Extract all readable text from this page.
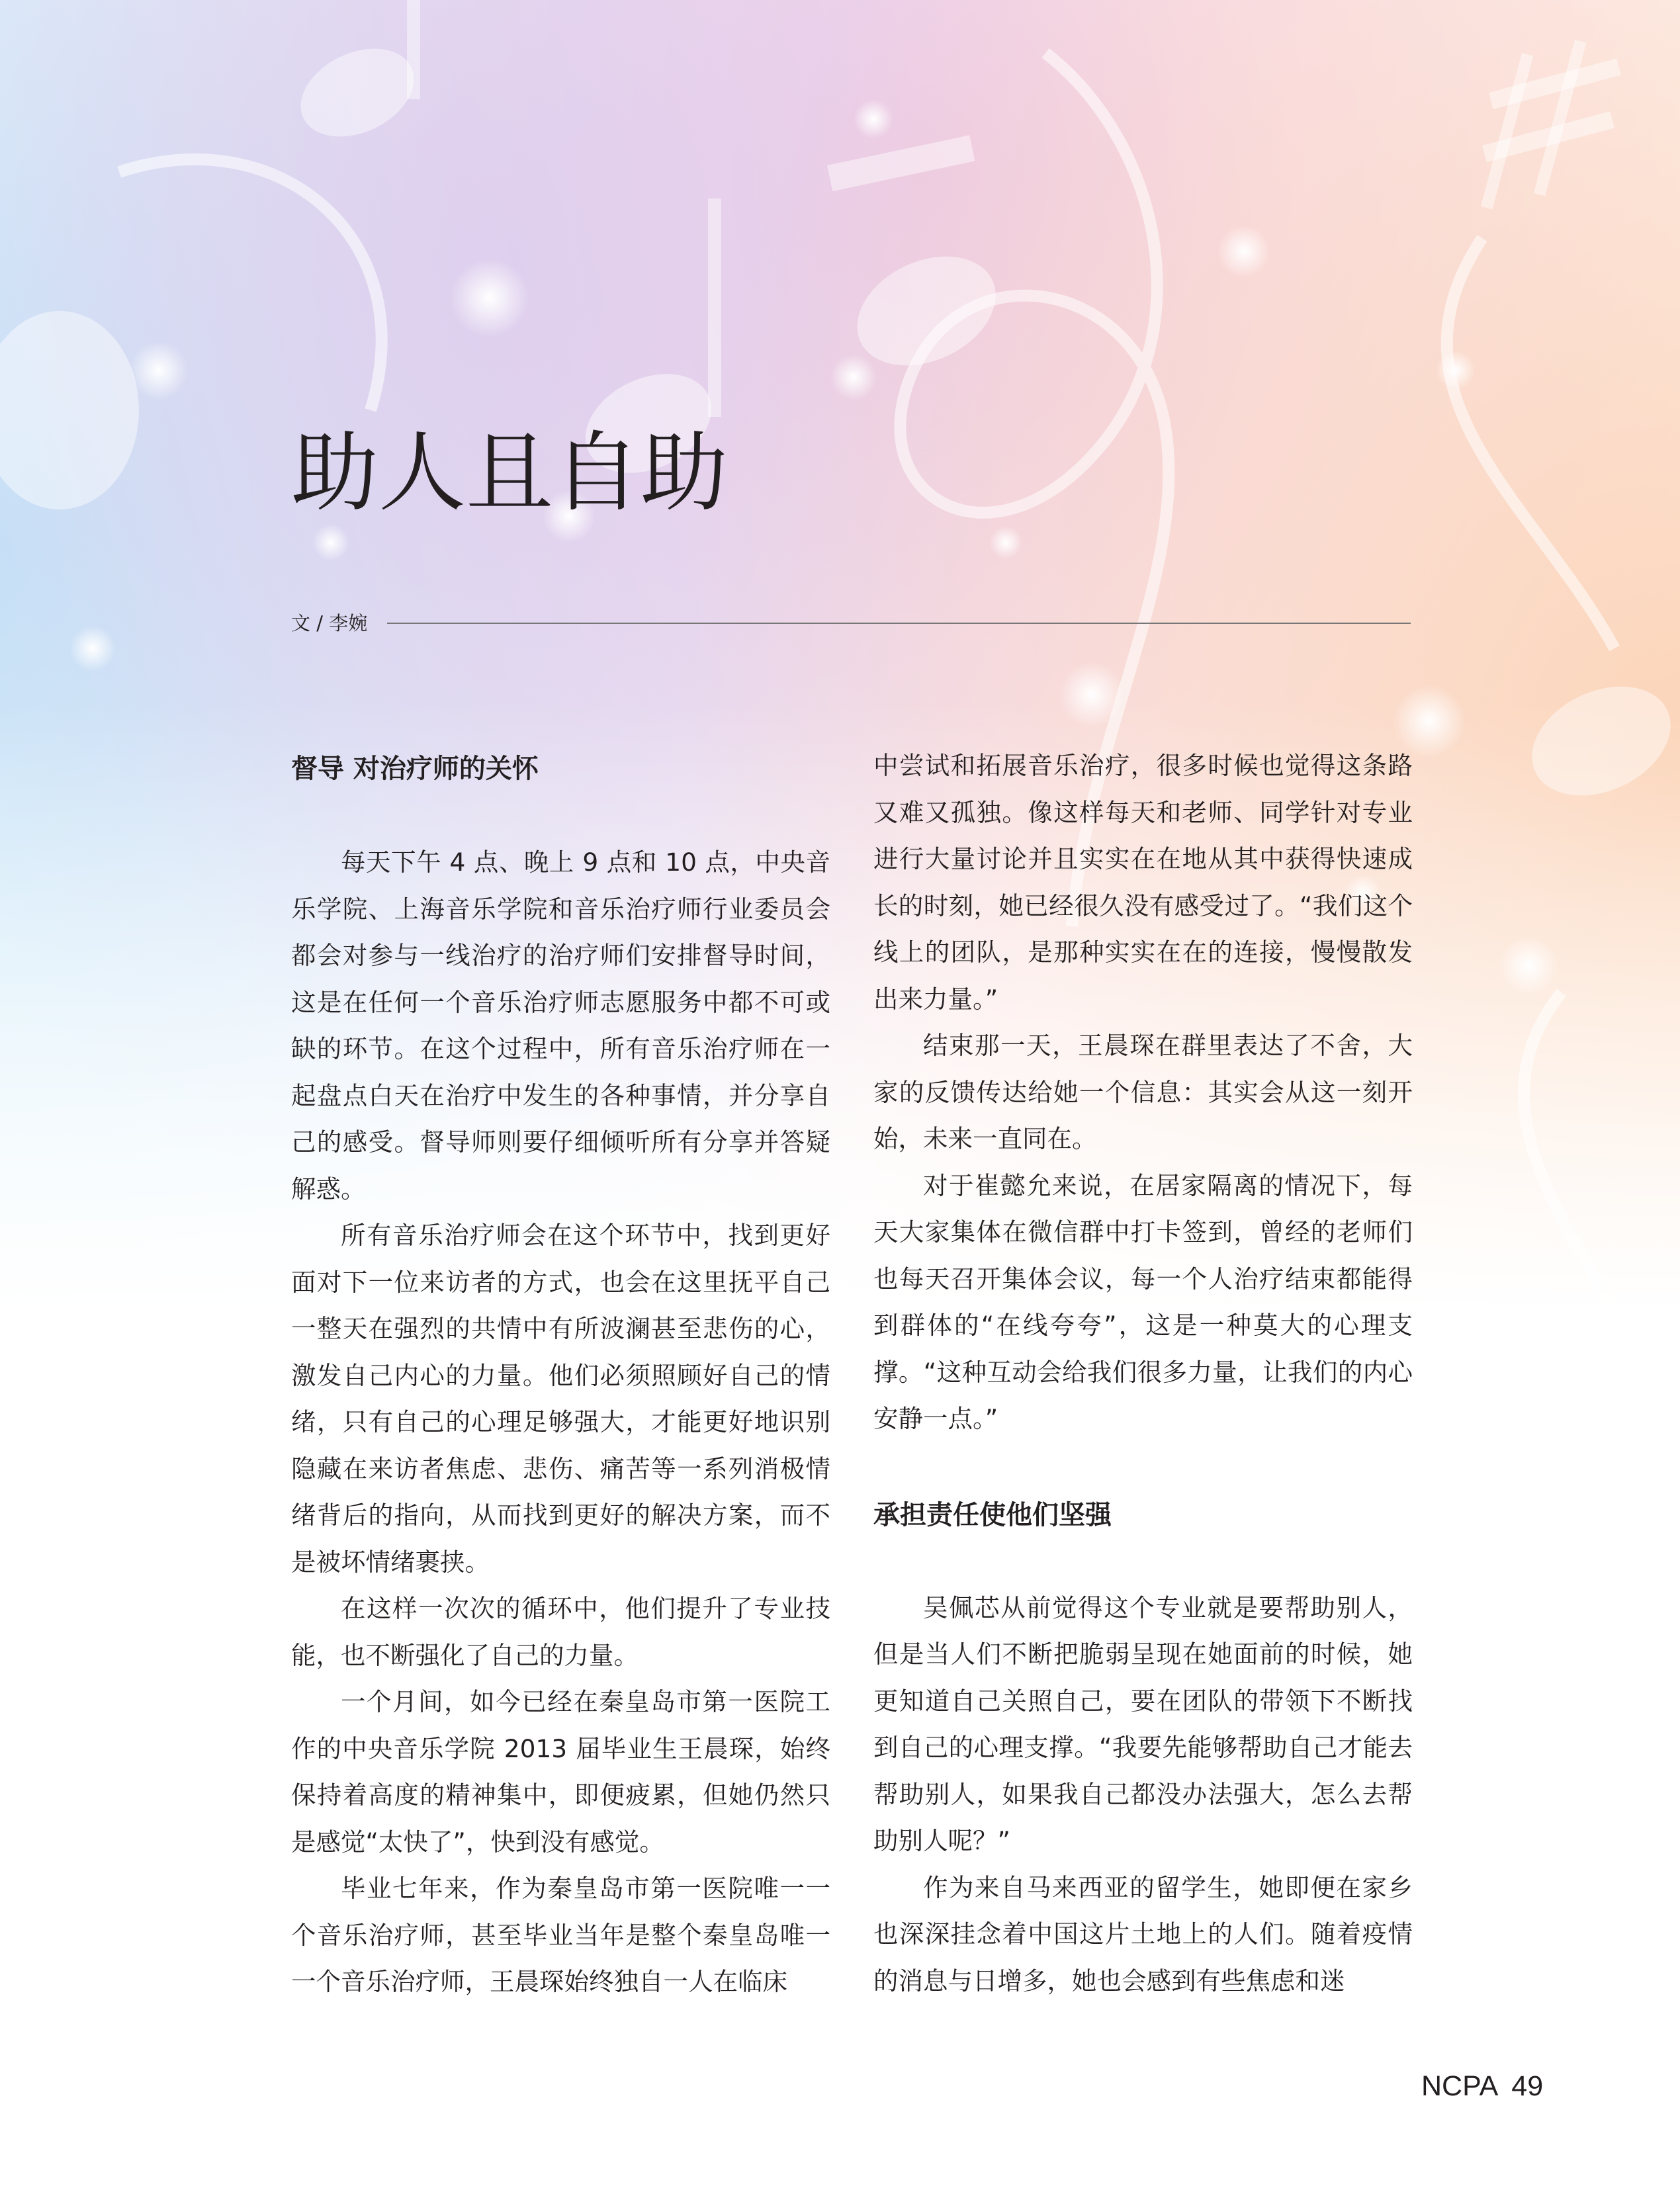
助人且自助
文 / 李婉
督导 对治疗师的关怀

每天下午 4 点、晚上 9 点和 10 点，中央音乐学院、上海音乐学院和音乐治疗师行业委员会都会对参与一线治疗的治疗师们安排督导时间，这是在任何一个音乐治疗师志愿服务中都不可或缺的环节。在这个过程中，所有音乐治疗师在一起盘点白天在治疗中发生的各种事情，并分享自己的感受。督导师则要仔细倾听所有分享并答疑解惑。

所有音乐治疗师会在这个环节中，找到更好面对下一位来访者的方式，也会在这里抚平自己一整天在强烈的共情中有所波澜甚至悲伤的心，激发自己内心的力量。他们必须照顾好自己的情绪，只有自己的心理足够强大，才能更好地识别隐藏在来访者焦虑、悲伤、痛苦等一系列消极情绪背后的指向，从而找到更好的解决方案，而不是被坏情绪裹挟。

在这样一次次的循环中，他们提升了专业技能，也不断强化了自己的力量。

一个月间，如今已经在秦皇岛市第一医院工作的中央音乐学院 2013 届毕业生王晨琛，始终保持着高度的精神集中，即便疲累，但她仍然只是感觉“太快了”，快到没有感觉。

毕业七年来，作为秦皇岛市第一医院唯一一个音乐治疗师，甚至毕业当年是整个秦皇岛唯一一个音乐治疗师，王晨琛始终独自一人在临床

中尝试和拓展音乐治疗，很多时候也觉得这条路又难又孤独。像这样每天和老师、同学针对专业进行大量讨论并且实实在在地从其中获得快速成长的时刻，她已经很久没有感受过了。“我们这个线上的团队，是那种实实在在的连接，慢慢散发出来力量。”

结束那一天，王晨琛在群里表达了不舍，大家的反馈传达给她一个信息：其实会从这一刻开始，未来一直同在。

对于崔懿允来说，在居家隔离的情况下，每天大家集体在微信群中打卡签到，曾经的老师们也每天召开集体会议，每一个人治疗结束都能得到群体的“在线夸夸”，这是一种莫大的心理支撑。“这种互动会给我们很多力量，让我们的内心安静一点。”

承担责任使他们坚强

吴佩芯从前觉得这个专业就是要帮助别人，但是当人们不断把脆弱呈现在她面前的时候，她更知道自己关照自己，要在团队的带领下不断找到自己的心理支撑。“我要先能够帮助自己才能去帮助别人，如果我自己都没办法强大，怎么去帮助别人呢？”

作为来自马来西亚的留学生，她即便在家乡也深深挂念着中国这片土地上的人们。随着疫情的消息与日增多，她也会感到有些焦虑和迷

NCPA 49
